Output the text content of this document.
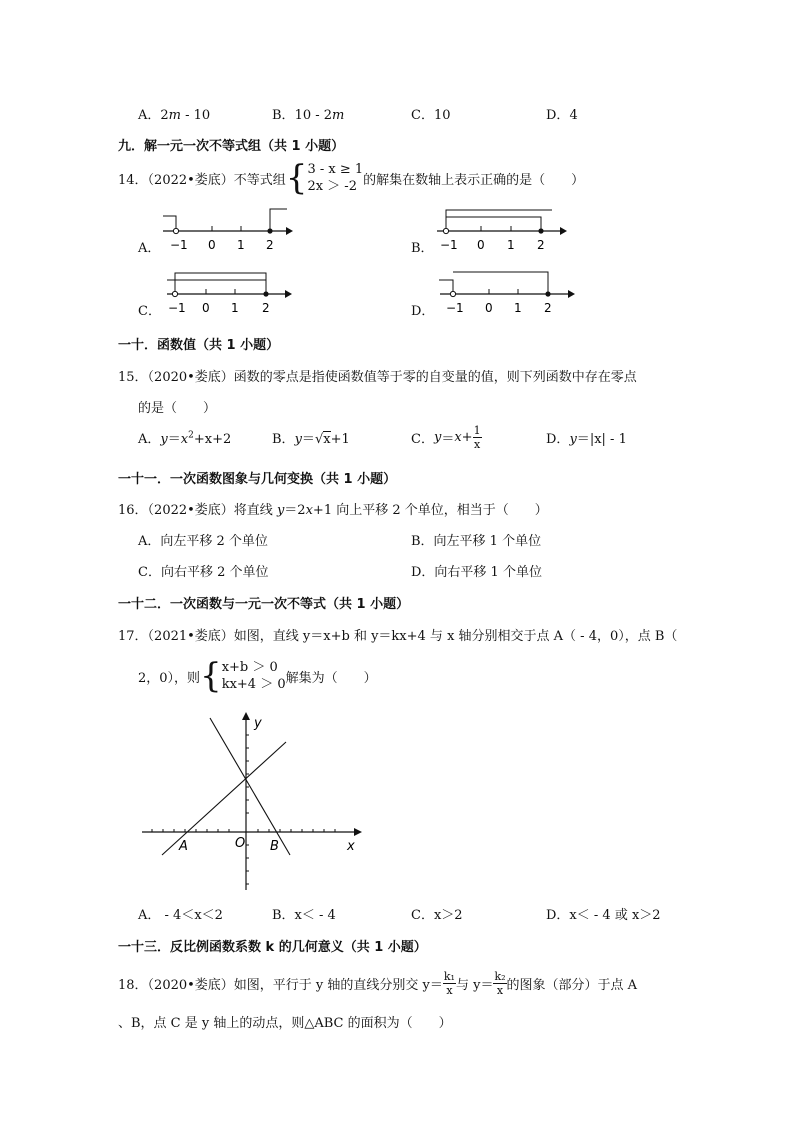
A．2m - 10	B．10 - 2m	C．10	D．4
九．解一元一次不等式组（共 1 小题）
14．（2022•娄底）不等式组 { 3 - x ≥ 1
2x ＞ -2 的解集在数轴上表示正确的是（　　）
A． −1 0 1 2	B． −1 0 1 2
C． −1 0 1 2	D． −1 0 1 2
一十．函数值（共 1 小题）
15．（2020•娄底）函数的零点是指使函数值等于零的自变量的值，则下列函数中存在零点
的是（　　）
A．$y=x^2+x+2$	B．y＝√x+1	C． $y = x + \frac{1}{x}$	D．y＝|x| - 1
一十一．一次函数图象与几何变换（共 1 小题）
16．（2022•娄底）将直线 y＝2x+1 向上平移 2 个单位，相当于（　　）
A．向左平移 2 个单位	B．向左平移 1 个单位
C．向右平移 2 个单位	D．向右平移 1 个单位
一十二．一次函数与一元一次不等式（共 1 小题）
17．（2021•娄底）如图，直线 y＝x+b 和 y＝kx+4 与 x 轴分别相交于点 A（ - 4，0），点 B（
2，0），则 { x+b ＞ 0
kx+4 ＞ 0 解集为（　　）
y
x
O
A	B
A． - 4＜x＜2	B．x＜ - 4	C．x＞2	D．x＜ - 4 或 x＞2
一十三．反比例函数系数 k 的几何意义（共 1 小题）
18．（2020•娄底）如图，平行于 y 轴的直线分别交 $y= \frac{\text{k₁}}{x}$ 与 $y= \frac{\text{k₂}}{x}$ 的图象（部分）于点 A
、B，点 C 是 y 轴上的动点，则△ABC 的面积为（　　）
